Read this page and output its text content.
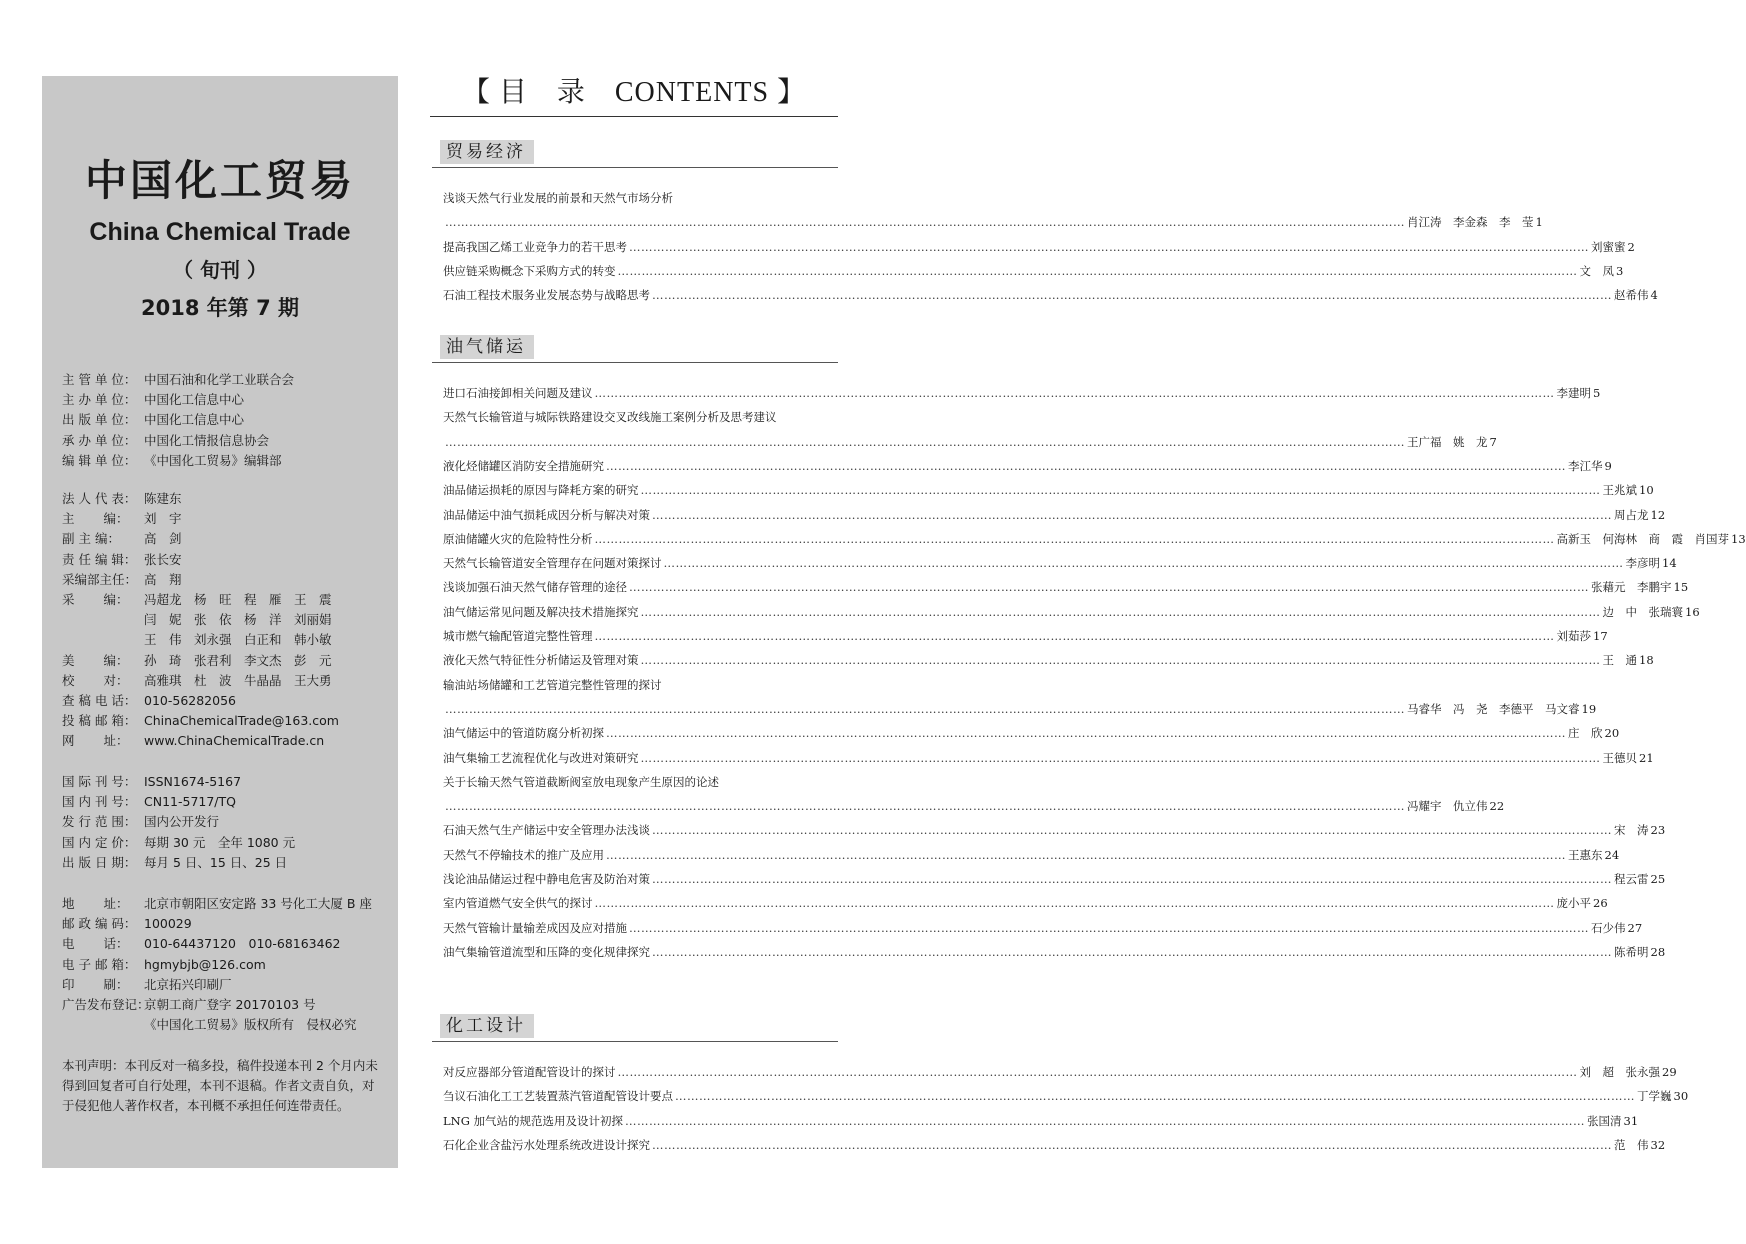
中国化工贸易
China Chemical Trade
（ 旬刊 ）
2018 年第 7 期
主 管 单 位： 中国石油和化学工业联合会
主 办 单 位： 中国化工信息中心
出 版 单 位： 中国化工信息中心
承 办 单 位： 中国化工情报信息协会
编 辑 单 位： 《中国化工贸易》编辑部
法 人 代 表： 陈建东
主　　 编：	刘　宇
副 主 编：	高　剑
责 任 编 辑： 张长安
采编部主任： 高　翔
采　　 编：	冯超龙　杨　旺　程　雁　王　震
闫　妮　张　依　杨　洋　刘丽娟
王　伟　刘永强　白正和　韩小敏
美　　 编：	孙　琦　张君利　李文杰　彭　元
校　　 对：	高雅琪　杜　波　牛晶晶　王大勇
查 稿 电 话： 010-56282056
投 稿 邮 箱： ChinaChemicalTrade@163.com
网　　 址：	www.ChinaChemicalTrade.cn
国 际 刊 号： ISSN1674-5167
国 内 刊 号： CN11-5717/TQ
发 行 范 围： 国内公开发行
国 内 定 价： 每期 30 元　全年 1080 元
出 版 日 期： 每月 5 日、15 日、25 日
地　　 址：	北京市朝阳区安定路 33 号化工大厦 B 座
邮 政 编 码： 100029
电　　 话：	010-64437120　010-68163462
电 子 邮 箱： hgmybjb@126.com
印　　 刷：	北京拓兴印刷厂
广告发布登记：
京朝工商广登字 20170103 号
《中国化工贸易》版权所有　侵权必究
本刊声明：本刊反对一稿多投，稿件投递本刊 2 个月内未得到回复者可自行处理，本刊不退稿。作者文责自负，对于侵犯他人著作权者，本刊概不承担任何连带责任。
【 目　录　CONTENTS 】
贸易经济
浅谈天然气行业发展的前景和天然气市场分析
…………………………………………………………………………………………………………………………………………………………………………………………………………………… 肖江涛　李金森　李　莹 1
提高我国乙烯工业竞争力的若干思考 …………………………………………………………………………………………………………………………………………………………………………………………………………………… 刘蜜蜜 2
供应链采购概念下采购方式的转变 …………………………………………………………………………………………………………………………………………………………………………………………………………………… 文　凤 3
石油工程技术服务业发展态势与战略思考 …………………………………………………………………………………………………………………………………………………………………………………………………………………… 赵希伟 4
油气储运
进口石油接卸相关问题及建议 …………………………………………………………………………………………………………………………………………………………………………………………………………………… 李建明 5
天然气长输管道与城际铁路建设交叉改线施工案例分析及思考建议
…………………………………………………………………………………………………………………………………………………………………………………………………………………… 王广福　姚　龙 7
液化烃储罐区消防安全措施研究 …………………………………………………………………………………………………………………………………………………………………………………………………………………… 李江华 9
油品储运损耗的原因与降耗方案的研究 …………………………………………………………………………………………………………………………………………………………………………………………………………………… 王兆斌 10
油品储运中油气损耗成因分析与解决对策 …………………………………………………………………………………………………………………………………………………………………………………………………………………… 周占龙 12
原油储罐火灾的危险特性分析 …………………………………………………………………………………………………………………………………………………………………………………………………………………… 高新玉　何海林　商　霞　肖国芽 13
天然气长输管道安全管理存在问题对策探讨 …………………………………………………………………………………………………………………………………………………………………………………………………………………… 李彦明 14
浅谈加强石油天然气储存管理的途径 …………………………………………………………………………………………………………………………………………………………………………………………………………………… 张藉元　李鹏宇 15
油气储运常见问题及解决技术措施探究 …………………………………………………………………………………………………………………………………………………………………………………………………………………… 边　中　张瑞寰 16
城市燃气输配管道完整性管理 …………………………………………………………………………………………………………………………………………………………………………………………………………………… 刘茹莎 17
液化天然气特征性分析储运及管理对策 …………………………………………………………………………………………………………………………………………………………………………………………………………………… 王　通 18
输油站场储罐和工艺管道完整性管理的探讨
…………………………………………………………………………………………………………………………………………………………………………………………………………………… 马睿华　冯　尧　李德平　马文睿 19
油气储运中的管道防腐分析初探 …………………………………………………………………………………………………………………………………………………………………………………………………………………… 庄　欣 20
油气集输工艺流程优化与改进对策研究 …………………………………………………………………………………………………………………………………………………………………………………………………………………… 王德贝 21
关于长输天然气管道截断阀室放电现象产生原因的论述
…………………………………………………………………………………………………………………………………………………………………………………………………………………… 冯耀宇　仇立伟 22
石油天然气生产储运中安全管理办法浅谈 …………………………………………………………………………………………………………………………………………………………………………………………………………………… 宋　涛 23
天然气不停输技术的推广及应用 …………………………………………………………………………………………………………………………………………………………………………………………………………………… 王惠东 24
浅论油品储运过程中静电危害及防治对策 …………………………………………………………………………………………………………………………………………………………………………………………………………………… 程云雷 25
室内管道燃气安全供气的探讨 …………………………………………………………………………………………………………………………………………………………………………………………………………………… 庞小平 26
天然气管输计量输差成因及应对措施 …………………………………………………………………………………………………………………………………………………………………………………………………………………… 石少伟 27
油气集输管道流型和压降的变化规律探究 …………………………………………………………………………………………………………………………………………………………………………………………………………………… 陈希明 28
化工设计
对反应器部分管道配管设计的探讨 …………………………………………………………………………………………………………………………………………………………………………………………………………………… 刘　超　张永强 29
刍议石油化工工艺装置蒸汽管道配管设计要点 …………………………………………………………………………………………………………………………………………………………………………………………………………………… 丁学巍 30
LNG 加气站的规范选用及设计初探 …………………………………………………………………………………………………………………………………………………………………………………………………………………… 张国清 31
石化企业含盐污水处理系统改进设计探究 …………………………………………………………………………………………………………………………………………………………………………………………………………………… 范　伟 32
